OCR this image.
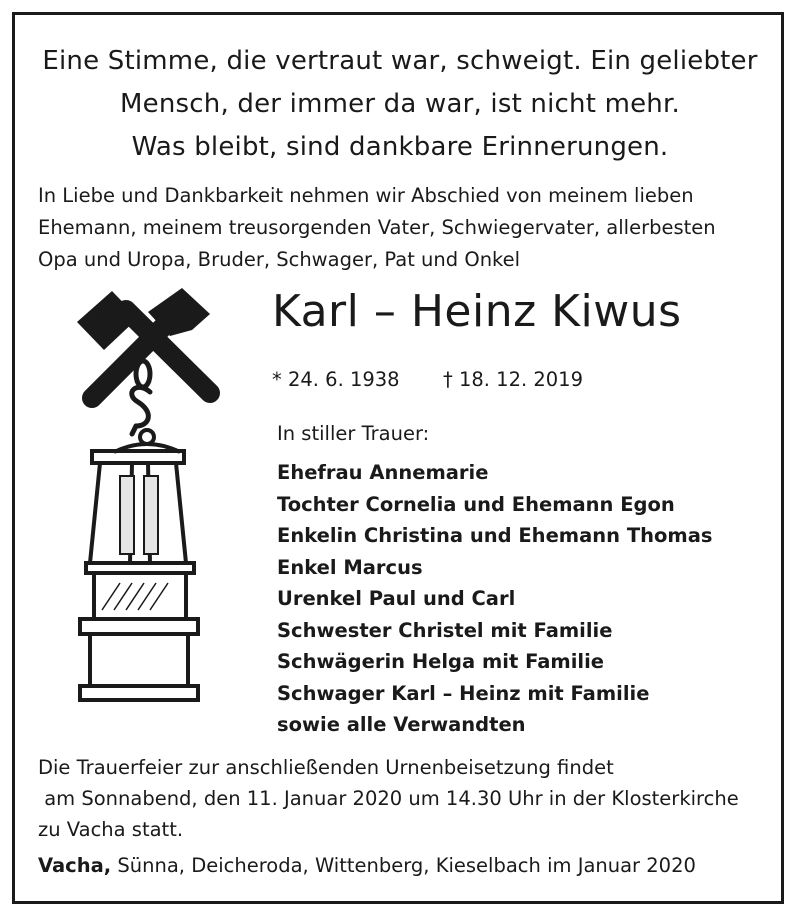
Eine Stimme, die vertraut war, schweigt. Ein geliebter
Mensch, der immer da war, ist nicht mehr.
Was bleibt, sind dankbare Erinnerungen.
In Liebe und Dankbarkeit nehmen wir Abschied von meinem lieben
Ehemann, meinem treusorgenden Vater, Schwiegervater, allerbesten
Opa und Uropa, Bruder, Schwager, Pat und Onkel
Karl – Heinz Kiwus
* 24. 6. 1938 † 18. 12. 2019
In stiller Trauer:
Ehefrau Annemarie
Tochter Cornelia und Ehemann Egon
Enkelin Christina und Ehemann Thomas
Enkel Marcus
Urenkel Paul und Carl
Schwester Christel mit Familie
Schwägerin Helga mit Familie
Schwager Karl – Heinz mit Familie
sowie alle Verwandten
Die Trauerfeier zur anschließenden Urnenbeisetzung findet
am Sonnabend, den 11. Januar 2020 um 14.30 Uhr in der Klosterkirche
zu Vacha statt.
Vacha, Sünna, Deicheroda, Wittenberg, Kieselbach im Januar 2020
